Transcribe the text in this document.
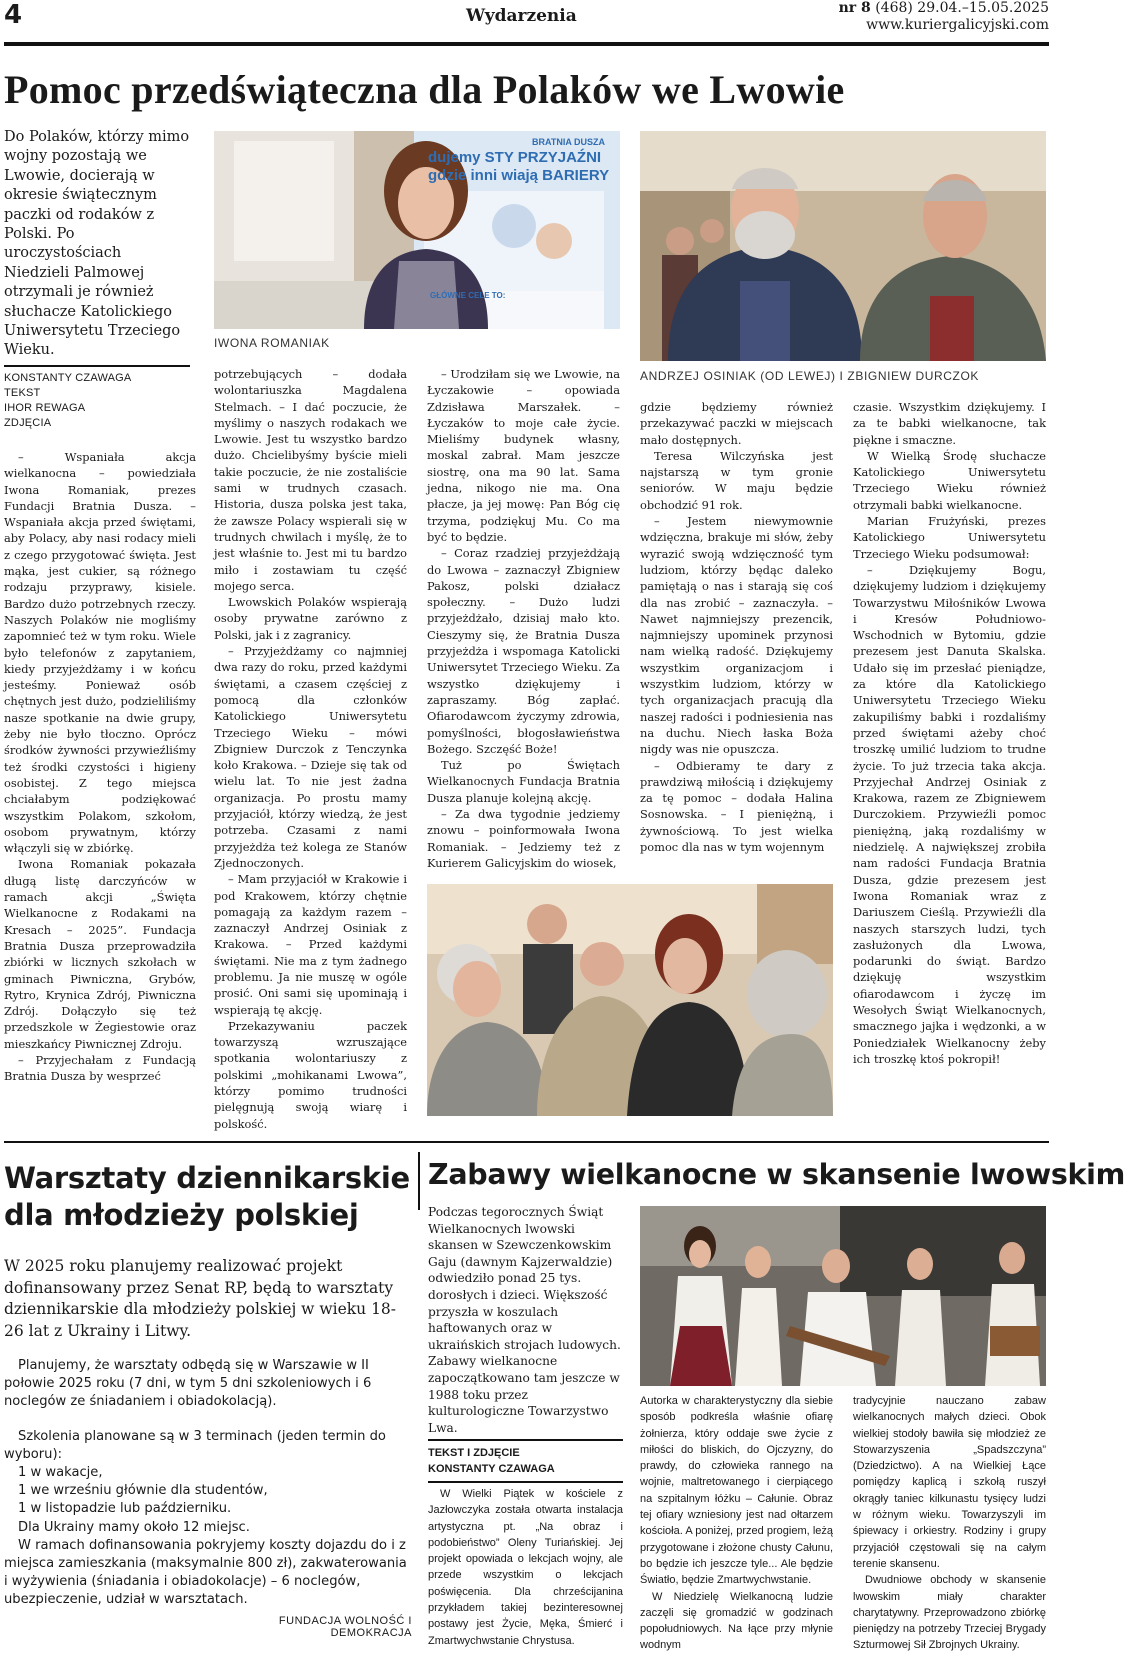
4	Wydarzenia	nr 8 (468) 29.04.–15.05.2025
www.kuriergalicyjski.com
Pomoc przedświąteczna dla Polaków we Lwowie
Do Polaków, którzy mimo wojny pozostają we Lwowie, docierają w okresie świątecznym paczki od rodaków z Polski. Po uroczystościach Niedzieli Palmowej otrzymali je również słuchacze Katolickiego Uniwersytetu Trzeciego Wieku.
KONSTANTY CZAWAGA
TEKST
IHOR REWAGA
ZDJĘCIA
dujemy STY PRZYJAŹNI gdzie inni wiają BARIERY
BRATNIA DUSZA
GŁÓWNE CELE TO:
IWONA ROMANIAK
ANDRZEJ OSINIAK (OD LEWEJ) I ZBIGNIEW DURCZOK

– Wspaniała akcja wielkanocna – powiedziała Iwona Romaniak, prezes Fundacji Bratnia Dusza. – Wspaniała akcja przed świętami, aby Polacy, aby nasi rodacy mieli z czego przygotować święta. Jest mąka, jest cukier, są różnego rodzaju przyprawy, kisiele. Bardzo dużo potrzebnych rzeczy. Naszych Polaków nie mogliśmy zapomnieć też w tym roku. Wiele było telefonów z zapytaniem, kiedy przyjeżdżamy i w końcu jesteśmy. Ponieważ osób chętnych jest dużo, podzieliliśmy nasze spotkanie na dwie grupy, żeby nie było tłoczno. Oprócz środków żywności przywieźliśmy też środki czystości i higieny osobistej. Z tego miejsca chciałabym podziękować wszystkim Polakom, szkołom, osobom prywatnym, którzy włączyli się w zbiórkę.

Iwona Romaniak pokazała długą listę darczyńców w ramach akcji „Święta Wielkanocne z Rodakami na Kresach – 2025”. Fundacja Bratnia Dusza przeprowadziła zbiórki w licznych szkołach w gminach Piwniczna, Grybów, Rytro, Krynica Zdrój, Piwniczna Zdrój. Dołączyło się też przedszkole w Żegiestowie oraz mieszkańcy Piwnicznej Zdroju.

– Przyjechałam z Fundacją Bratnia Dusza by wesprzeć

potrzebujących – dodała wolontariuszka Magdalena Stelmach. – I dać poczucie, że myślimy o naszych rodakach we Lwowie. Jest tu wszystko bardzo dużo. Chcielibyśmy byście mieli takie poczucie, że nie zostaliście sami w trudnych czasach. Historia, dusza polska jest taka, że zawsze Polacy wspierali się w trudnych chwilach i myślę, że to jest właśnie to. Jest mi tu bardzo miło i zostawiam tu część mojego serca.

Lwowskich Polaków wspierają osoby prywatne zarówno z Polski, jak i z zagranicy.

– Przyjeżdżamy co najmniej dwa razy do roku, przed każdymi świętami, a czasem częściej z pomocą dla członków Katolickiego Uniwersytetu Trzeciego Wieku – mówi Zbigniew Durczok z Tenczynka koło Krakowa. – Dzieje się tak od wielu lat. To nie jest żadna organizacja. Po prostu mamy przyjaciół, którzy wiedzą, że jest potrzeba. Czasami z nami przyjeżdża też kolega ze Stanów Zjednoczonych.

– Mam przyjaciół w Krakowie i pod Krakowem, którzy chętnie pomagają za każdym razem – zaznaczył Andrzej Osiniak z Krakowa. – Przed każdymi świętami. Nie ma z tym żadnego problemu. Ja nie muszę w ogóle prosić. Oni sami się upominają i wspierają tę akcję.

Przekazywaniu paczek towarzyszą wzruszające spotkania wolontariuszy z polskimi „mohikanami Lwowa”, którzy pomimo trudności pielęgnują swoją wiarę i polskość.

– Urodziłam się we Lwowie, na Łyczakowie – opowiada Zdzisława Marszałek. – Łyczaków to moje całe życie. Mieliśmy budynek własny, moskal zabrał. Mam jeszcze siostrę, ona ma 90 lat. Sama jedna, nikogo nie ma. Ona płacze, ja jej mowę: Pan Bóg cię trzyma, podziękuj Mu. Co ma być to będzie.

– Coraz rzadziej przyjeżdżają do Lwowa – zaznaczył Zbigniew Pakosz, polski działacz społeczny. – Dużo ludzi przyjeżdżało, dzisiaj mało kto. Cieszymy się, że Bratnia Dusza przyjeżdża i wspomaga Katolicki Uniwersytet Trzeciego Wieku. Za wszystko dziękujemy i zapraszamy. Bóg zapłać. Ofiarodawcom życzymy zdrowia, pomyślności, błogosławieństwa Bożego. Szczęść Boże!

Tuż po Świętach Wielkanocnych Fundacja Bratnia Dusza planuje kolejną akcję.

– Za dwa tygodnie jedziemy znowu – poinformowała Iwona Romaniak. – Jedziemy też z Kurierem Galicyjskim do wiosek,

gdzie będziemy również przekazywać paczki w miejscach mało dostępnych.

Teresa Wilczyńska jest najstarszą w tym gronie seniorów. W maju będzie obchodzić 91 rok.

– Jestem niewymownie wdzięczna, brakuje mi słów, żeby wyrazić swoją wdzięczność tym ludziom, którzy będąc daleko pamiętają o nas i starają się coś dla nas zrobić – zaznaczyła. – Nawet najmniejszy prezencik, najmniejszy upominek przynosi nam wielką radość. Dziękujemy wszystkim organizacjom i wszystkim ludziom, którzy w tych organizacjach pracują dla naszej radości i podniesienia nas na duchu. Niech łaska Boża nigdy was nie opuszcza.

– Odbieramy te dary z prawdziwą miłością i dziękujemy za tę pomoc – dodała Halina Sosnowska. – I pieniężną, i żywnościową. To jest wielka pomoc dla nas w tym wojennym

czasie. Wszystkim dziękujemy. I za te babki wielkanocne, tak piękne i smaczne.

W Wielką Środę słuchacze Katolickiego Uniwersytetu Trzeciego Wieku również otrzymali babki wielkanocne.

Marian Frużyński, prezes Katolickiego Uniwersytetu Trzeciego Wieku podsumował:

– Dziękujemy Bogu, dziękujemy ludziom i dziękujemy Towarzystwu Miłośników Lwowa i Kresów Południowo-Wschodnich w Bytomiu, gdzie prezesem jest Danuta Skalska. Udało się im przesłać pieniądze, za które dla Katolickiego Uniwersytetu Trzeciego Wieku zakupiliśmy babki i rozdaliśmy przed świętami ażeby choć troszkę umilić ludziom to trudne życie. To już trzecia taka akcja. Przyjechał Andrzej Osiniak z Krakowa, razem ze Zbigniewem Durczokiem. Przywieźli pomoc pieniężną, jaką rozdaliśmy w niedzielę. A największej zrobiła nam radości Fundacja Bratnia Dusza, gdzie prezesem jest Iwona Romaniak wraz z Dariuszem Cieślą. Przywieźli dla naszych starszych ludzi, tych zasłużonych dla Lwowa, podarunki do świąt. Bardzo dziękuję wszystkim ofiarodawcom i życzę im Wesołych Świąt Wielkanocnych, smacznego jajka i wędzonki, a w Poniedziałek Wielkanocny żeby ich troszkę ktoś pokropił!

Warsztaty dziennikarskie
dla młodzieży polskiej
W 2025 roku planujemy realizować projekt dofinansowany przez Senat RP, będą to warsztaty dziennikarskie dla młodzieży polskiej w wieku 18-26 lat z Ukrainy i Litwy.

Planujemy, że warsztaty odbędą się w Warszawie w II połowie 2025 roku (7 dni, w tym 5 dni szkoleniowych i 6 noclegów ze śniadaniem i obiadokolacją).

Szkolenia planowane są w 3 terminach (jeden termin do wyboru):

1 w wakacje,

1 we wrześniu głównie dla studentów,

1 w listopadzie lub październiku.

Dla Ukrainy mamy około 12 miejsc.

W ramach dofinansowania pokryjemy koszty dojazdu do i z miejsca zamieszkania (maksymalnie 800 zł), zakwaterowania i wyżywienia (śniadania i obiadokolacje) – 6 noclegów, ubezpieczenie, udział w warsztatach.

FUNDACJA WOLNOŚĆ I DEMOKRACJA
Zabawy wielkanocne w skansenie lwowskim
Podczas tegorocznych Świąt Wielkanocnych lwowski skansen w Szewczenkowskim Gaju (dawnym Kajzerwaldzie) odwiedziło ponad 25 tys. dorosłych i dzieci. Większość przyszła w koszulach haftowanych oraz w ukraińskich strojach ludowych. Zabawy wielkanocne zapoczątkowano tam jeszcze w 1988 toku przez kulturologiczne Towarzystwo Lwa.
TEKST I ZDJĘCIE
KONSTANTY CZAWAGA

W Wielki Piątek w kościele z Jazłowczyka została otwarta instalacja artystyczna pt. „Na obraz i podobieństwo” Oleny Turiańskiej. Jej projekt opowiada o lekcjach wojny, ale przede wszystkim o lekcjach poświęcenia. Dla chrześcijanina przykładem takiej bezinteresownej postawy jest Życie, Męka, Śmierć i Zmartwychwstanie Chrystusa.

Autorka w charakterystyczny dla siebie sposób podkreśla właśnie ofiarę żołnierza, który oddaje swe życie z miłości do bliskich, do Ojczyzny, do prawdy, do człowieka rannego na wojnie, maltretowanego i cierpiącego na szpitalnym łóżku – Całunie. Obraz tej ofiary wzniesiony jest nad ołtarzem kościoła. A poniżej, przed progiem, leżą przygotowane i złożone chusty Całunu, bo będzie ich jeszcze tyle... Ale będzie Światło, będzie Zmartwychwstanie.

W Niedzielę Wielkanocną ludzie zaczęli się gromadzić w godzinach popołudniowych. Na łące przy młynie wodnym

tradycyjnie nauczano zabaw wielkanocnych małych dzieci. Obok wielkiej stodoły bawiła się młodzież ze Stowarzyszenia „Spadszczyna” (Dziedzictwo). A na Wielkiej Łące pomiędzy kaplicą i szkołą ruszył okrągły taniec kilkunastu tysięcy ludzi w różnym wieku. Towarzyszyli im śpiewacy i orkiestry. Rodziny i grupy przyjaciół częstowali się na całym terenie skansenu.

Dwudniowe obchody w skansenie lwowskim miały charakter charytatywny. Przeprowadzono zbiórkę pieniędzy na potrzeby Trzeciej Brygady Szturmowej Sił Zbrojnych Ukrainy.
